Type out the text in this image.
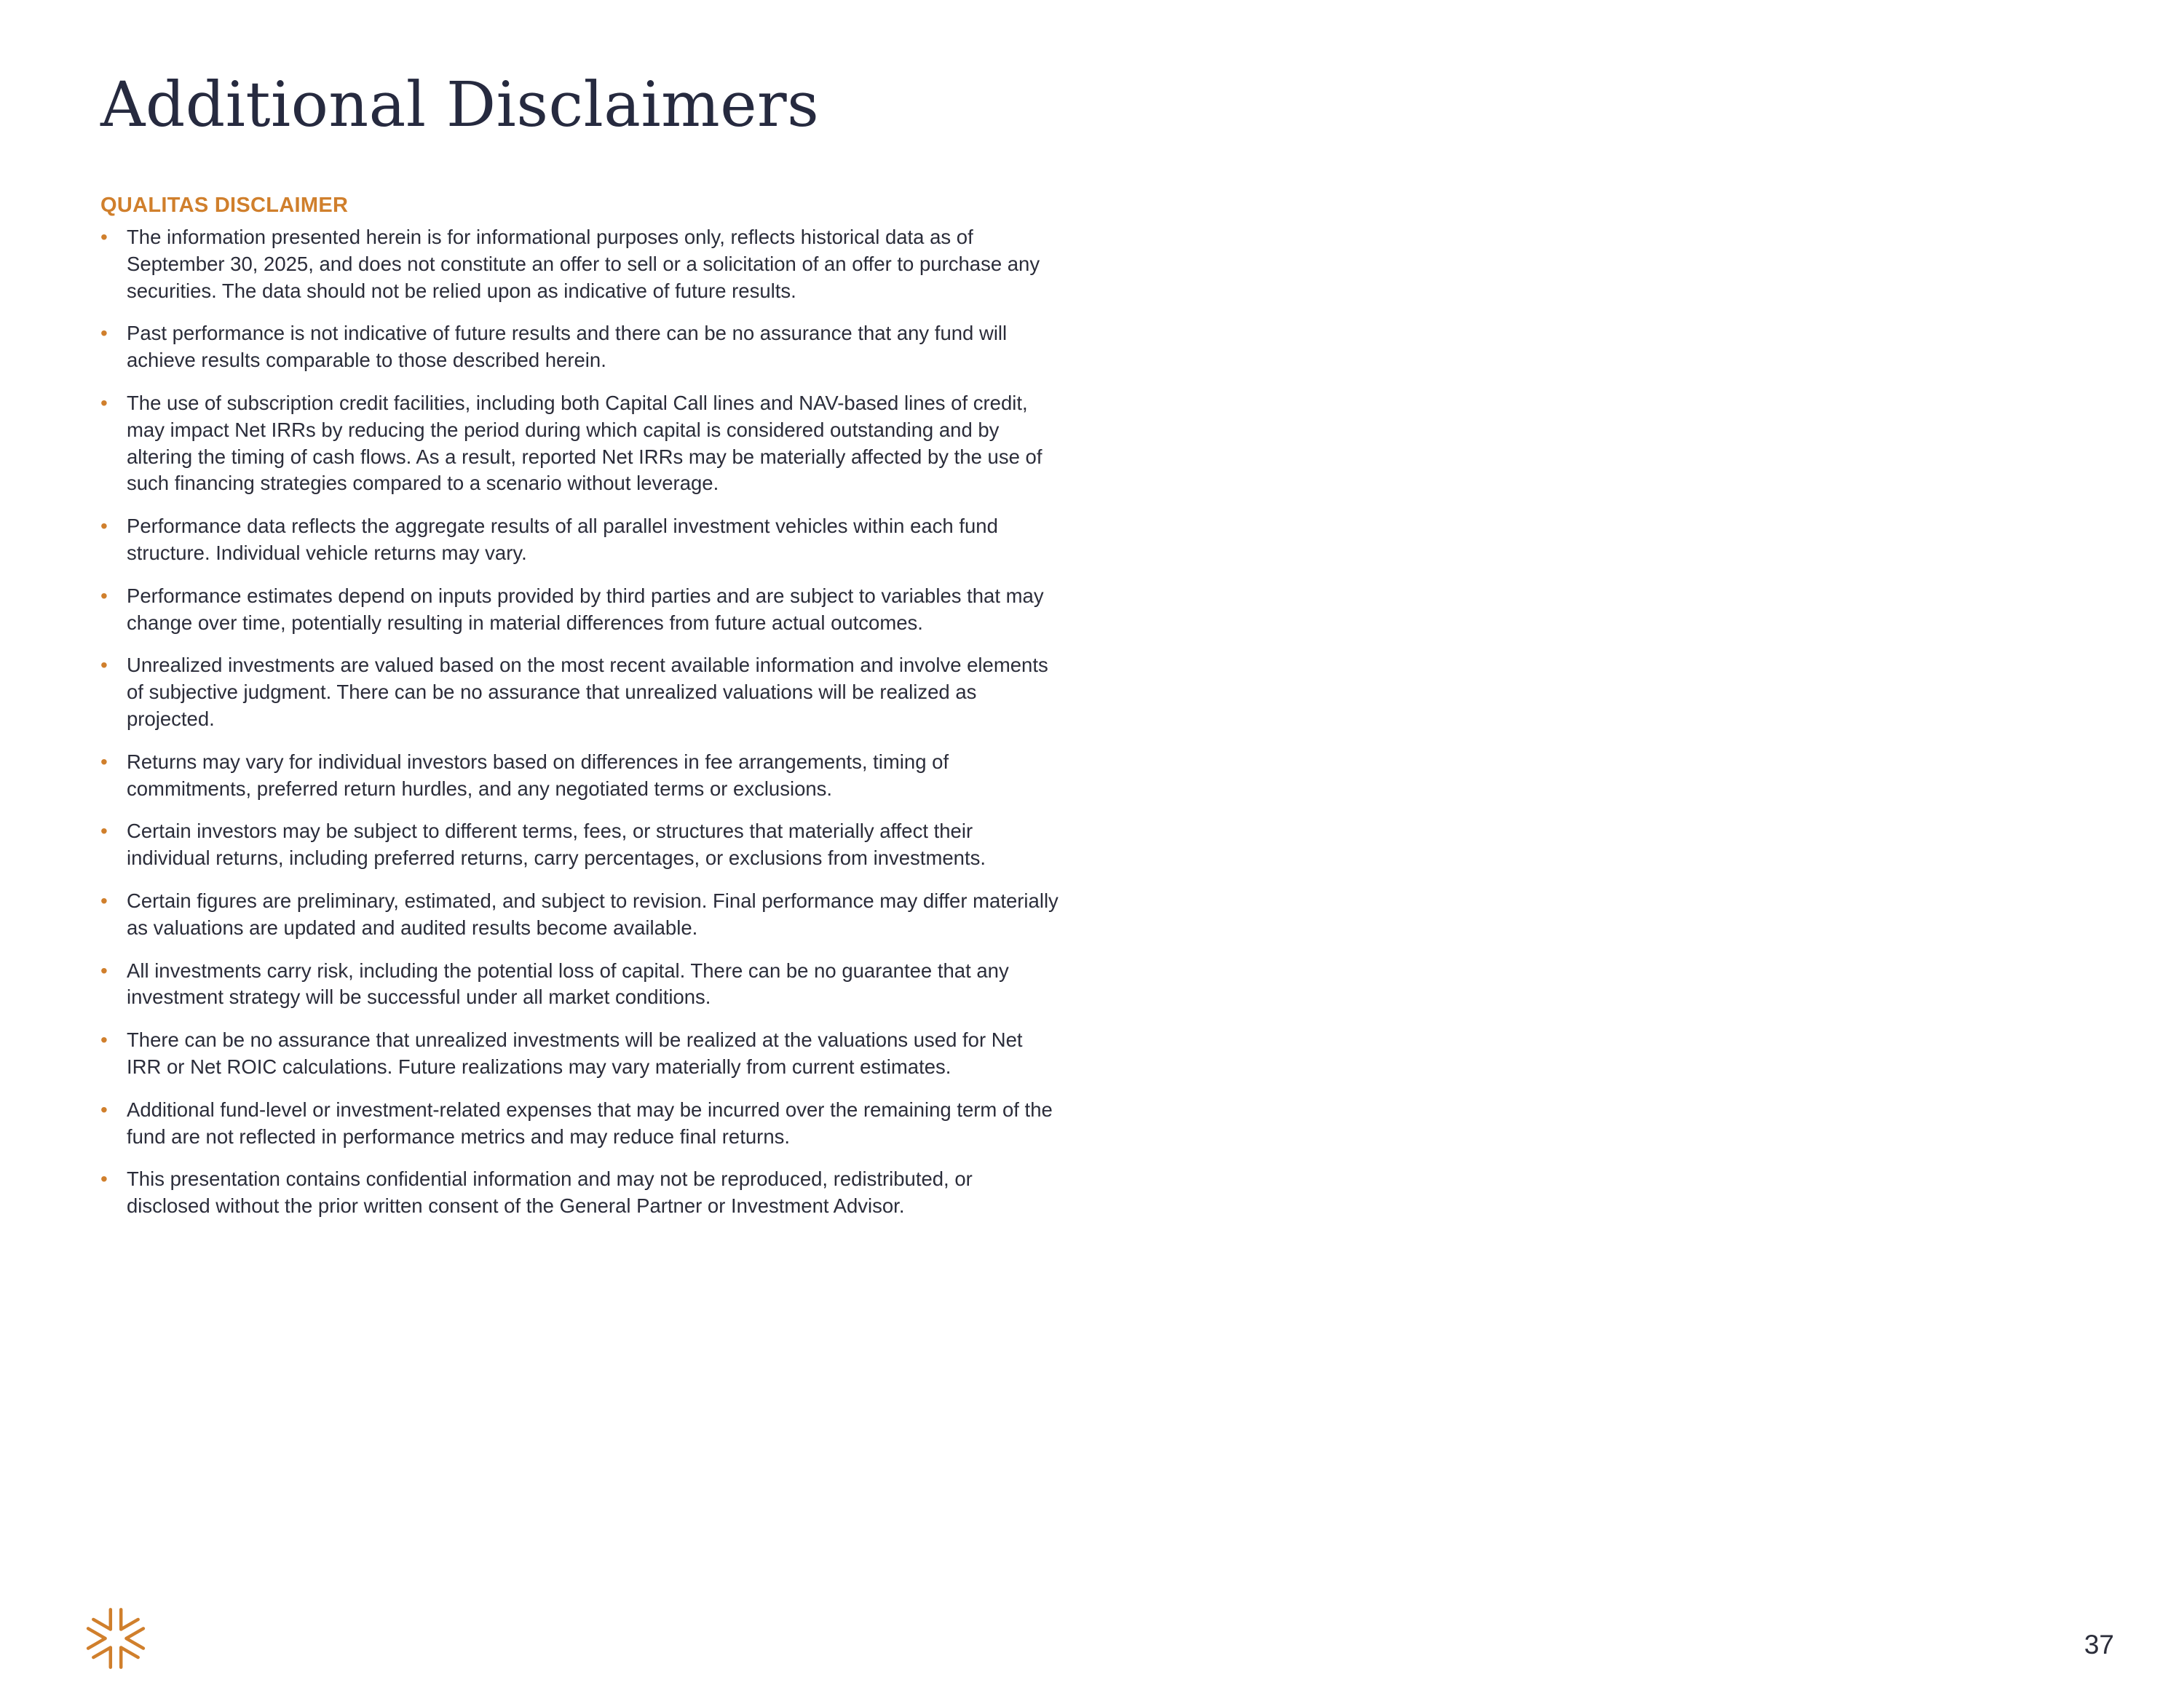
Additional Disclaimers
QUALITAS DISCLAIMER
• The information presented herein is for informational purposes only, reflects historical data as of September 30, 2025, and does not constitute an offer to sell or a solicitation of an offer to purchase any securities. The data should not be relied upon as indicative of future results.
• Past performance is not indicative of future results and there can be no assurance that any fund will achieve results comparable to those described herein.
• The use of subscription credit facilities, including both Capital Call lines and NAV-based lines of credit, may impact Net IRRs by reducing the period during which capital is considered outstanding and by altering the timing of cash flows. As a result, reported Net IRRs may be materially affected by the use of such financing strategies compared to a scenario without leverage.
• Performance data reflects the aggregate results of all parallel investment vehicles within each fund structure. Individual vehicle returns may vary.
• Performance estimates depend on inputs provided by third parties and are subject to variables that may change over time, potentially resulting in material differences from future actual outcomes.
• Unrealized investments are valued based on the most recent available information and involve elements of subjective judgment. There can be no assurance that unrealized valuations will be realized as projected.
• Returns may vary for individual investors based on differences in fee arrangements, timing of commitments, preferred return hurdles, and any negotiated terms or exclusions.
• Certain investors may be subject to different terms, fees, or structures that materially affect their individual returns, including preferred returns, carry percentages, or exclusions from investments.
• Certain figures are preliminary, estimated, and subject to revision. Final performance may differ materially as valuations are updated and audited results become available.
• All investments carry risk, including the potential loss of capital. There can be no guarantee that any investment strategy will be successful under all market conditions.
• There can be no assurance that unrealized investments will be realized at the valuations used for Net IRR or Net ROIC calculations. Future realizations may vary materially from current estimates.
• Additional fund-level or investment-related expenses that may be incurred over the remaining term of the fund are not reflected in performance metrics and may reduce final returns.
• This presentation contains confidential information and may not be reproduced, redistributed, or disclosed without the prior written consent of the General Partner or Investment Advisor.
37
